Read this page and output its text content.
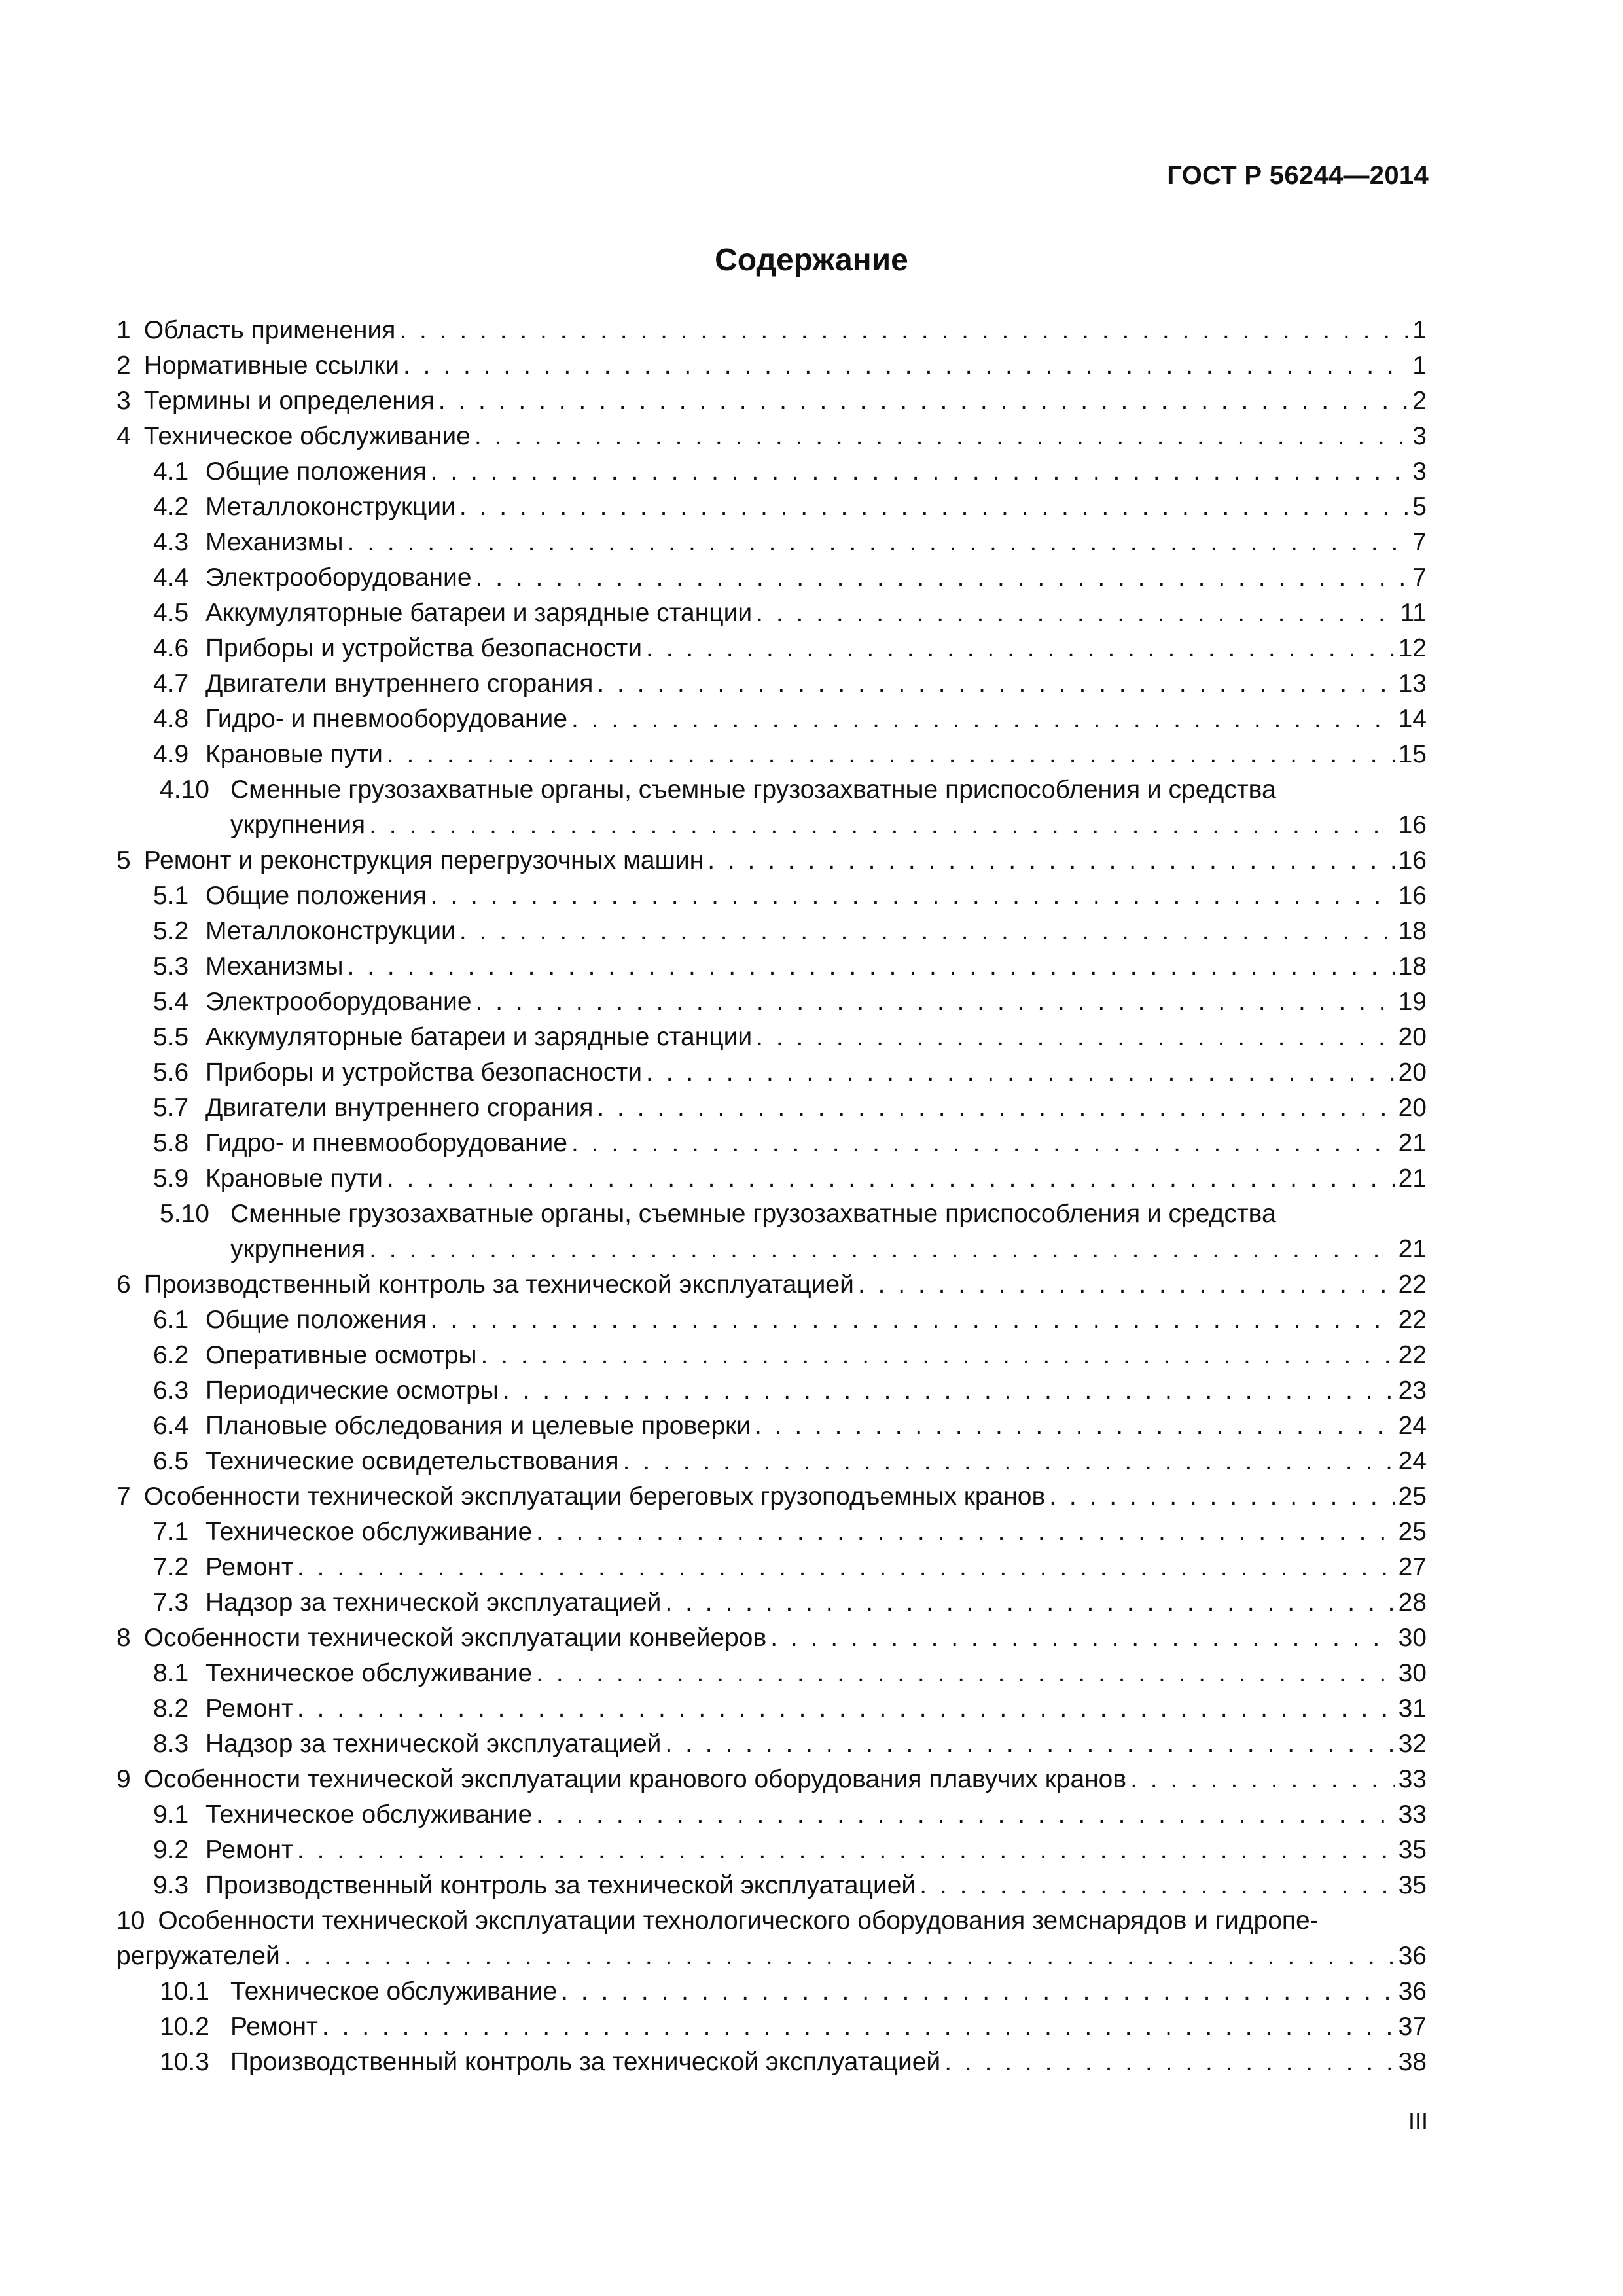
ГОСТ Р 56244—2014
Содержание
1 Область применения . . .	1
2 Нормативные ссылки . . .	1
3 Термины и определения . . .	2
4 Техническое обслуживание . . .	3
4.1 Общие положения . . .	3
4.2 Металлоконструкции . . .	5
4.3 Механизмы . . .	7
4.4 Электрооборудование . . .	7
4.5 Аккумуляторные батареи и зарядные станции . . .	11
4.6 Приборы и устройства безопасности . . .	12
4.7 Двигатели внутреннего сгорания . . .	13
4.8 Гидро- и пневмооборудование . . .	14
4.9 Крановые пути . . .	15
4.10 Сменные грузозахватные органы, съемные грузозахватные приспособления и средства
укрупнения . . .	16
5 Ремонт и реконструкция перегрузочных машин . . .	16
5.1 Общие положения . . .	16
5.2 Металлоконструкции . . .	18
5.3 Механизмы . . .	18
5.4 Электрооборудование . . .	19
5.5 Аккумуляторные батареи и зарядные станции . . .	20
5.6 Приборы и устройства безопасности . . .	20
5.7 Двигатели внутреннего сгорания . . .	20
5.8 Гидро- и пневмооборудование . . .	21
5.9 Крановые пути . . .	21
5.10 Сменные грузозахватные органы, съемные грузозахватные приспособления и средства
укрупнения . . .	21
6 Производственный контроль за технической эксплуатацией . . .	22
6.1 Общие положения . . .	22
6.2 Оперативные осмотры . . .	22
6.3 Периодические осмотры . . .	23
6.4 Плановые обследования и целевые проверки . . .	24
6.5 Технические освидетельствования . . .	24
7 Особенности технической эксплуатации береговых грузоподъемных кранов . . .	25
7.1 Техническое обслуживание . . .	25
7.2 Ремонт . . .	27
7.3 Надзор за технической эксплуатацией . . .	28
8 Особенности технической эксплуатации конвейеров . . .	30
8.1 Техническое обслуживание . . .	30
8.2 Ремонт . . .	31
8.3 Надзор за технической эксплуатацией . . .	32
9 Особенности технической эксплуатации кранового оборудования плавучих кранов . . .	33
9.1 Техническое обслуживание . . .	33
9.2 Ремонт . . .	35
9.3 Производственный контроль за технической эксплуатацией . . .	35
10 Особенности технической эксплуатации технологического оборудования земснарядов и гидропе-
регружателей . . .	36
10.1 Техническое обслуживание . . .	36
10.2 Ремонт . . .	37
10.3 Производственный контроль за технической эксплуатацией . . .	38
III
